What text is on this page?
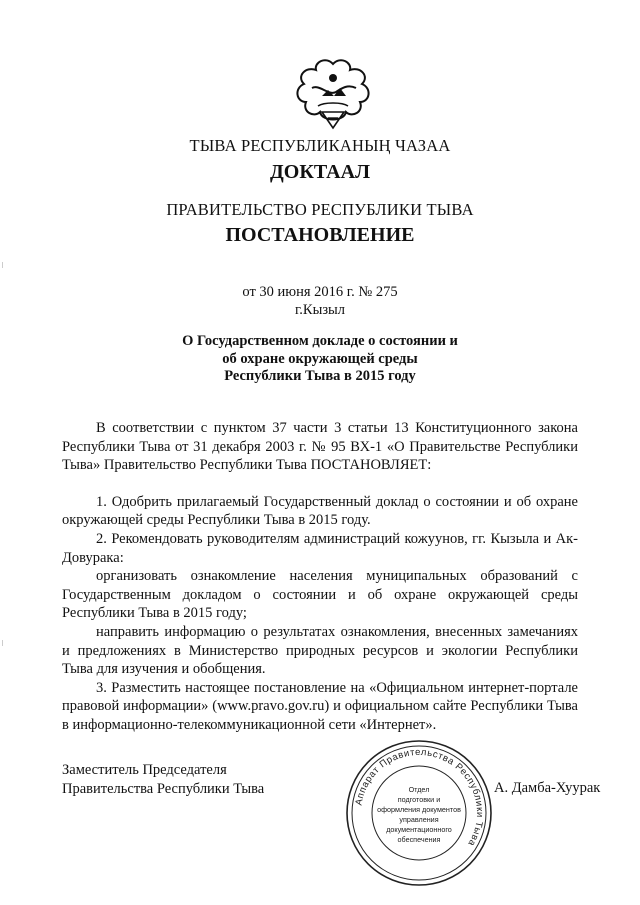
ТЫВА РЕСПУБЛИКАНЫҢ ЧАЗАА
ДОКТААЛ
ПРАВИТЕЛЬСТВО РЕСПУБЛИКИ ТЫВА
ПОСТАНОВЛЕНИЕ
от 30 июня 2016 г. № 275
г.Кызыл
О Государственном докладе о состоянии и
об охране окружающей среды
Республики Тыва в 2015 году

В соответствии с пунктом 37 части 3 статьи 13 Конституционного закона Республики Тыва от 31 декабря 2003 г. № 95 ВХ-1 «О Правительстве Республики Тыва» Правительство Республики Тыва ПОСТАНОВЛЯЕТ:

1. Одобрить прилагаемый Государственный доклад о состоянии и об охране окружающей среды Республики Тыва в 2015 году.

2. Рекомендовать руководителям администраций кожуунов, гг. Кызыла и Ак-Довурака:

организовать ознакомление населения муниципальных образований с Государственным докладом о состоянии и об охране окружающей среды Республики Тыва в 2015 году;

направить информацию о результатах ознакомления, внесенных замечаниях и предложениях в Министерство природных ресурсов и экологии Республики Тыва для изучения и обобщения.

3. Разместить настоящее постановление на «Официальном интернет-портале правовой информации» (www.pravo.gov.ru) и официальном сайте Республики Тыва в информационно-телекоммуникационной сети «Интернет».

Заместитель Председателя
Правительства Республики Тыва	А. Дамба-Хуурак
Аппарат Правительства Республики Тыва
Отдел
подготовки и
оформления документов
управления
документационного
обеспечения
